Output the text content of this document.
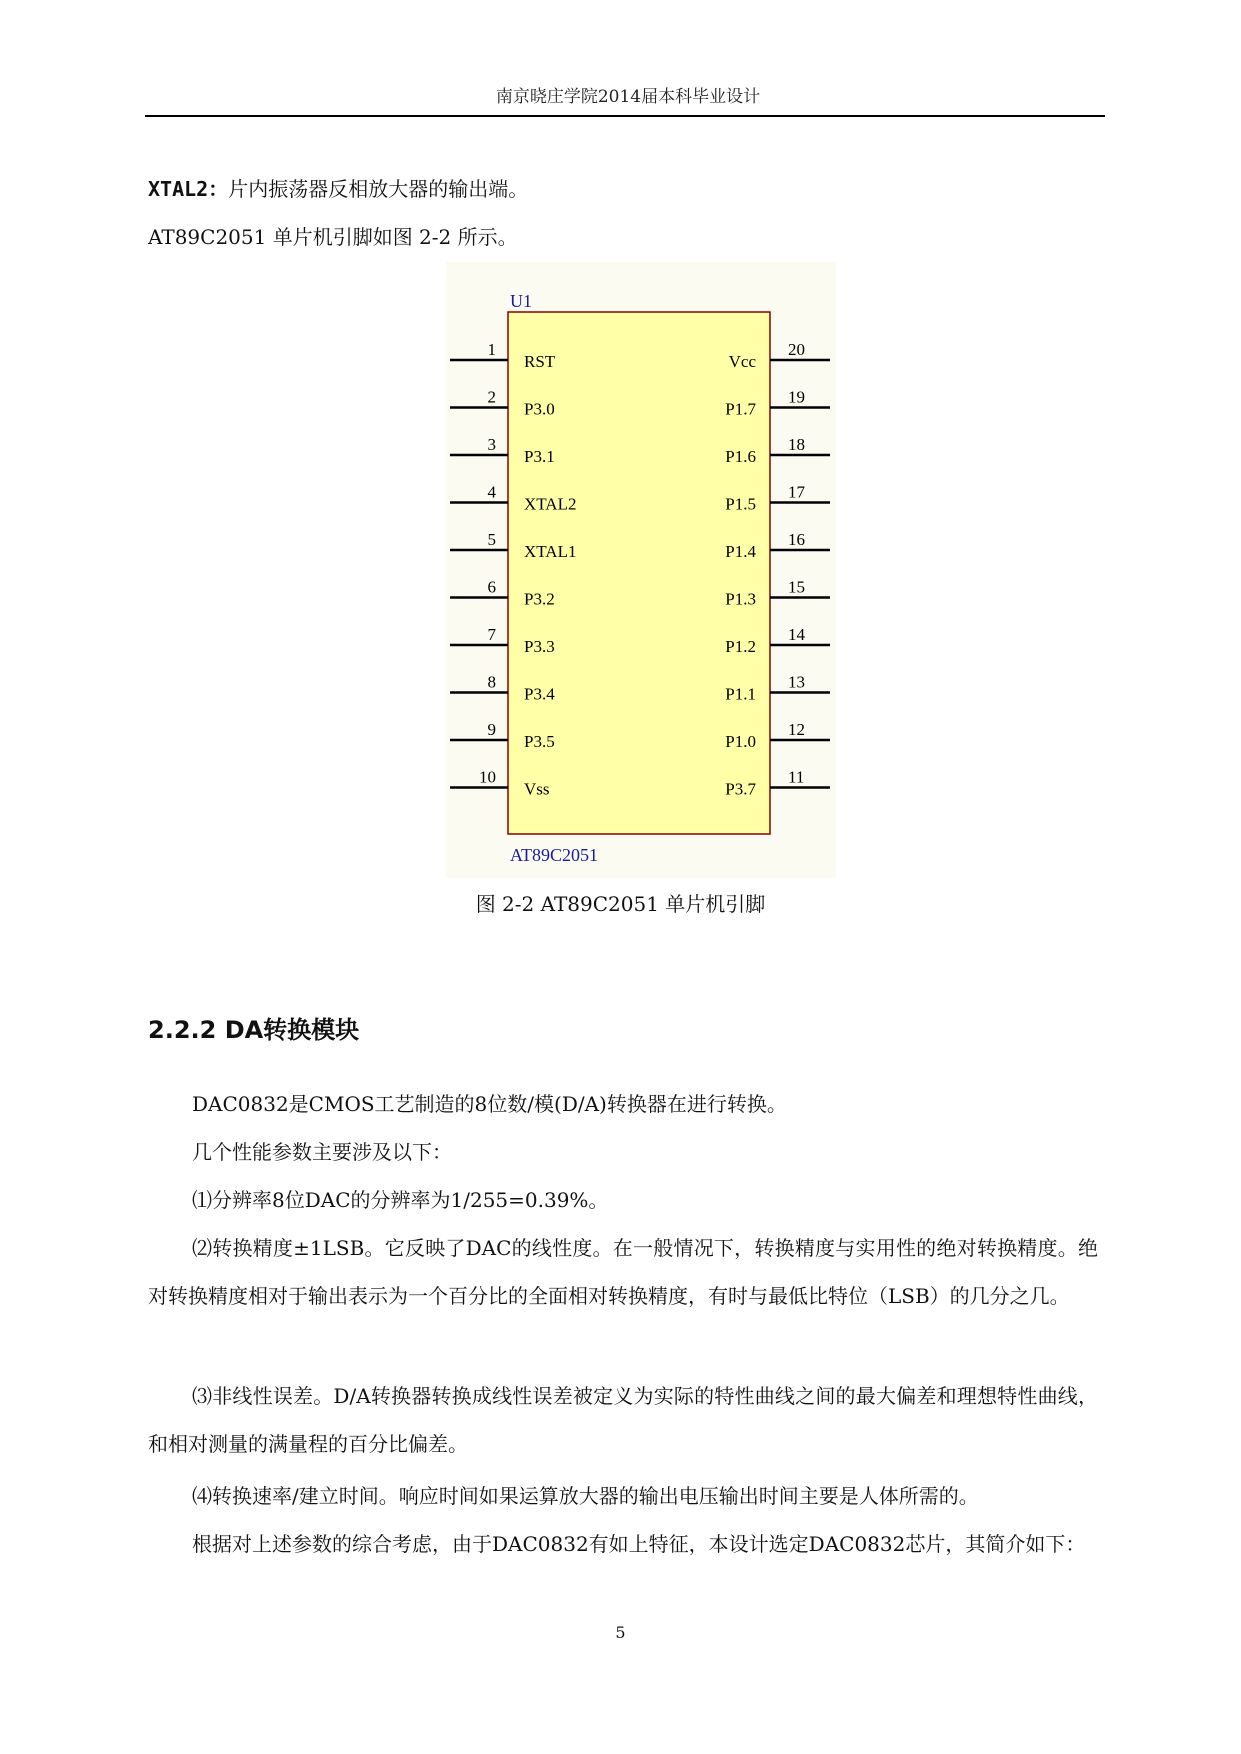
南京晓庄学院2014届本科毕业设计
XTAL2：片内振荡器反相放大器的输出端。
AT89C2051 单片机引脚如图 2-2 所示。
U1
AT89C2051
1
RST
2
P3.0
3
P3.1
4
XTAL2
5
XTAL1
6
P3.2
7
P3.3
8
P3.4
9
P3.5
10
Vss
20
Vcc
19
P1.7
18
P1.6
17
P1.5
16
P1.4
15
P1.3
14
P1.2
13
P1.1
12
P1.0
11
P3.7
图 2-2 AT89C2051 单片机引脚
2.2.2 DA转换模块
DAC0832是CMOS工艺制造的8位数/模(D/A)转换器在进行转换。
几个性能参数主要涉及以下：
⑴分辨率8位DAC的分辨率为1/255=0.39%。
⑵转换精度±1LSB。它反映了DAC的线性度。在一般情况下，转换精度与实用性的绝对转换精度。绝对转换精度相对于输出表示为一个百分比的全面相对转换精度，有时与最低比特位（LSB）的几分之几。
⑶非线性误差。D/A转换器转换成线性误差被定义为实际的特性曲线之间的最大偏差和理想特性曲线，和相对测量的满量程的百分比偏差。
⑷转换速率/建立时间。响应时间如果运算放大器的输出电压输出时间主要是人体所需的。
根据对上述参数的综合考虑，由于DAC0832有如上特征，本设计选定DAC0832芯片，其简介如下：
5
